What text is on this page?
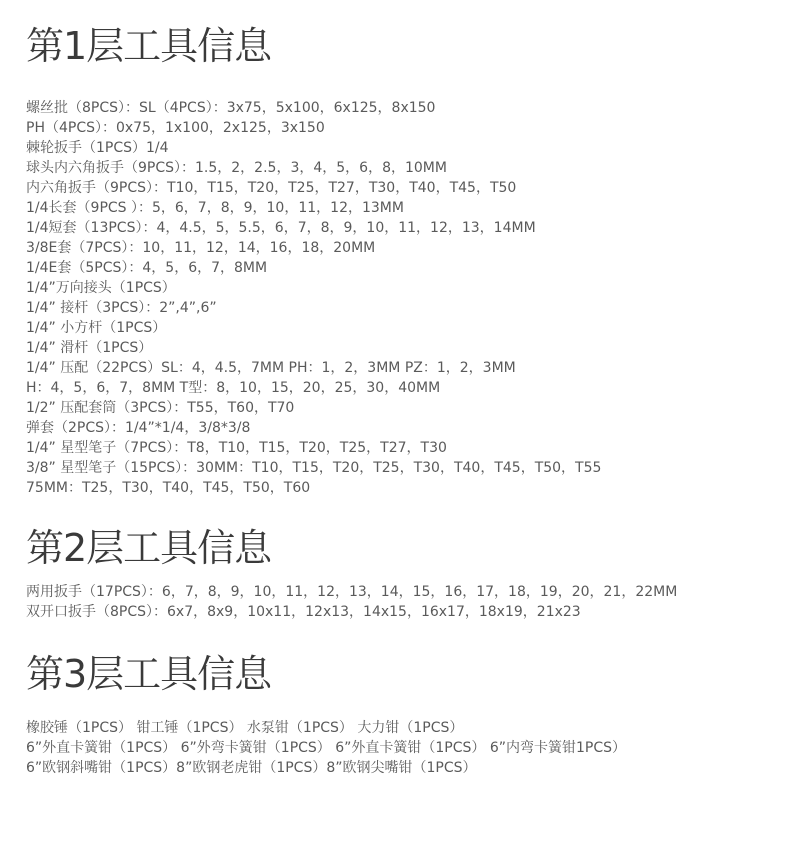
第1层工具信息
螺丝批（8PCS）：SL（4PCS）：3x75，5x100，6x125，8x150
PH（4PCS）：0x75，1x100，2x125，3x150
棘轮扳手（1PCS）1/4
球头内六角扳手（9PCS）：1.5，2，2.5，3，4，5，6，8，10MM
内六角扳手（9PCS）：T10，T15，T20，T25，T27，T30，T40，T45，T50
1/4长套（9PCS ）：5，6，7，8，9，10，11，12，13MM
1/4短套（13PCS）：4，4.5，5，5.5，6，7，8，9，10，11，12，13，14MM
3/8E套（7PCS）：10，11，12，14，16，18，20MM
1/4E套（5PCS）：4，5，6，7，8MM
1/4”万向接头（1PCS）
1/4” 接杆（3PCS）：2”,4”,6”
1/4” 小方杆（1PCS）
1/4” 滑杆（1PCS）
1/4” 压配（22PCS）SL：4，4.5，7MM PH：1，2，3MM PZ：1，2，3MM
H：4，5，6，7，8MM T型：8，10，15，20，25，30，40MM
1/2” 压配套筒（3PCS）：T55，T60，T70
弹套（2PCS）：1/4”*1/4，3/8*3/8
1/4” 星型笔子（7PCS）：T8，T10，T15，T20，T25，T27，T30
3/8” 星型笔子（15PCS）：30MM：T10，T15，T20，T25，T30，T40，T45，T50，T55
75MM：T25，T30，T40，T45，T50，T60
第2层工具信息
两用扳手（17PCS）：6，7，8，9，10，11，12，13，14，15，16，17，18，19，20，21，22MM
双开口扳手（8PCS）：6x7，8x9，10x11，12x13，14x15，16x17，18x19，21x23
第3层工具信息
橡胶锤（1PCS） 钳工锤（1PCS） 水泵钳（1PCS） 大力钳（1PCS）
6”外直卡簧钳（1PCS） 6”外弯卡簧钳（1PCS） 6”外直卡簧钳（1PCS） 6”内弯卡簧钳1PCS）
6”欧钢斜嘴钳（1PCS）8”欧钢老虎钳（1PCS）8”欧钢尖嘴钳（1PCS）
